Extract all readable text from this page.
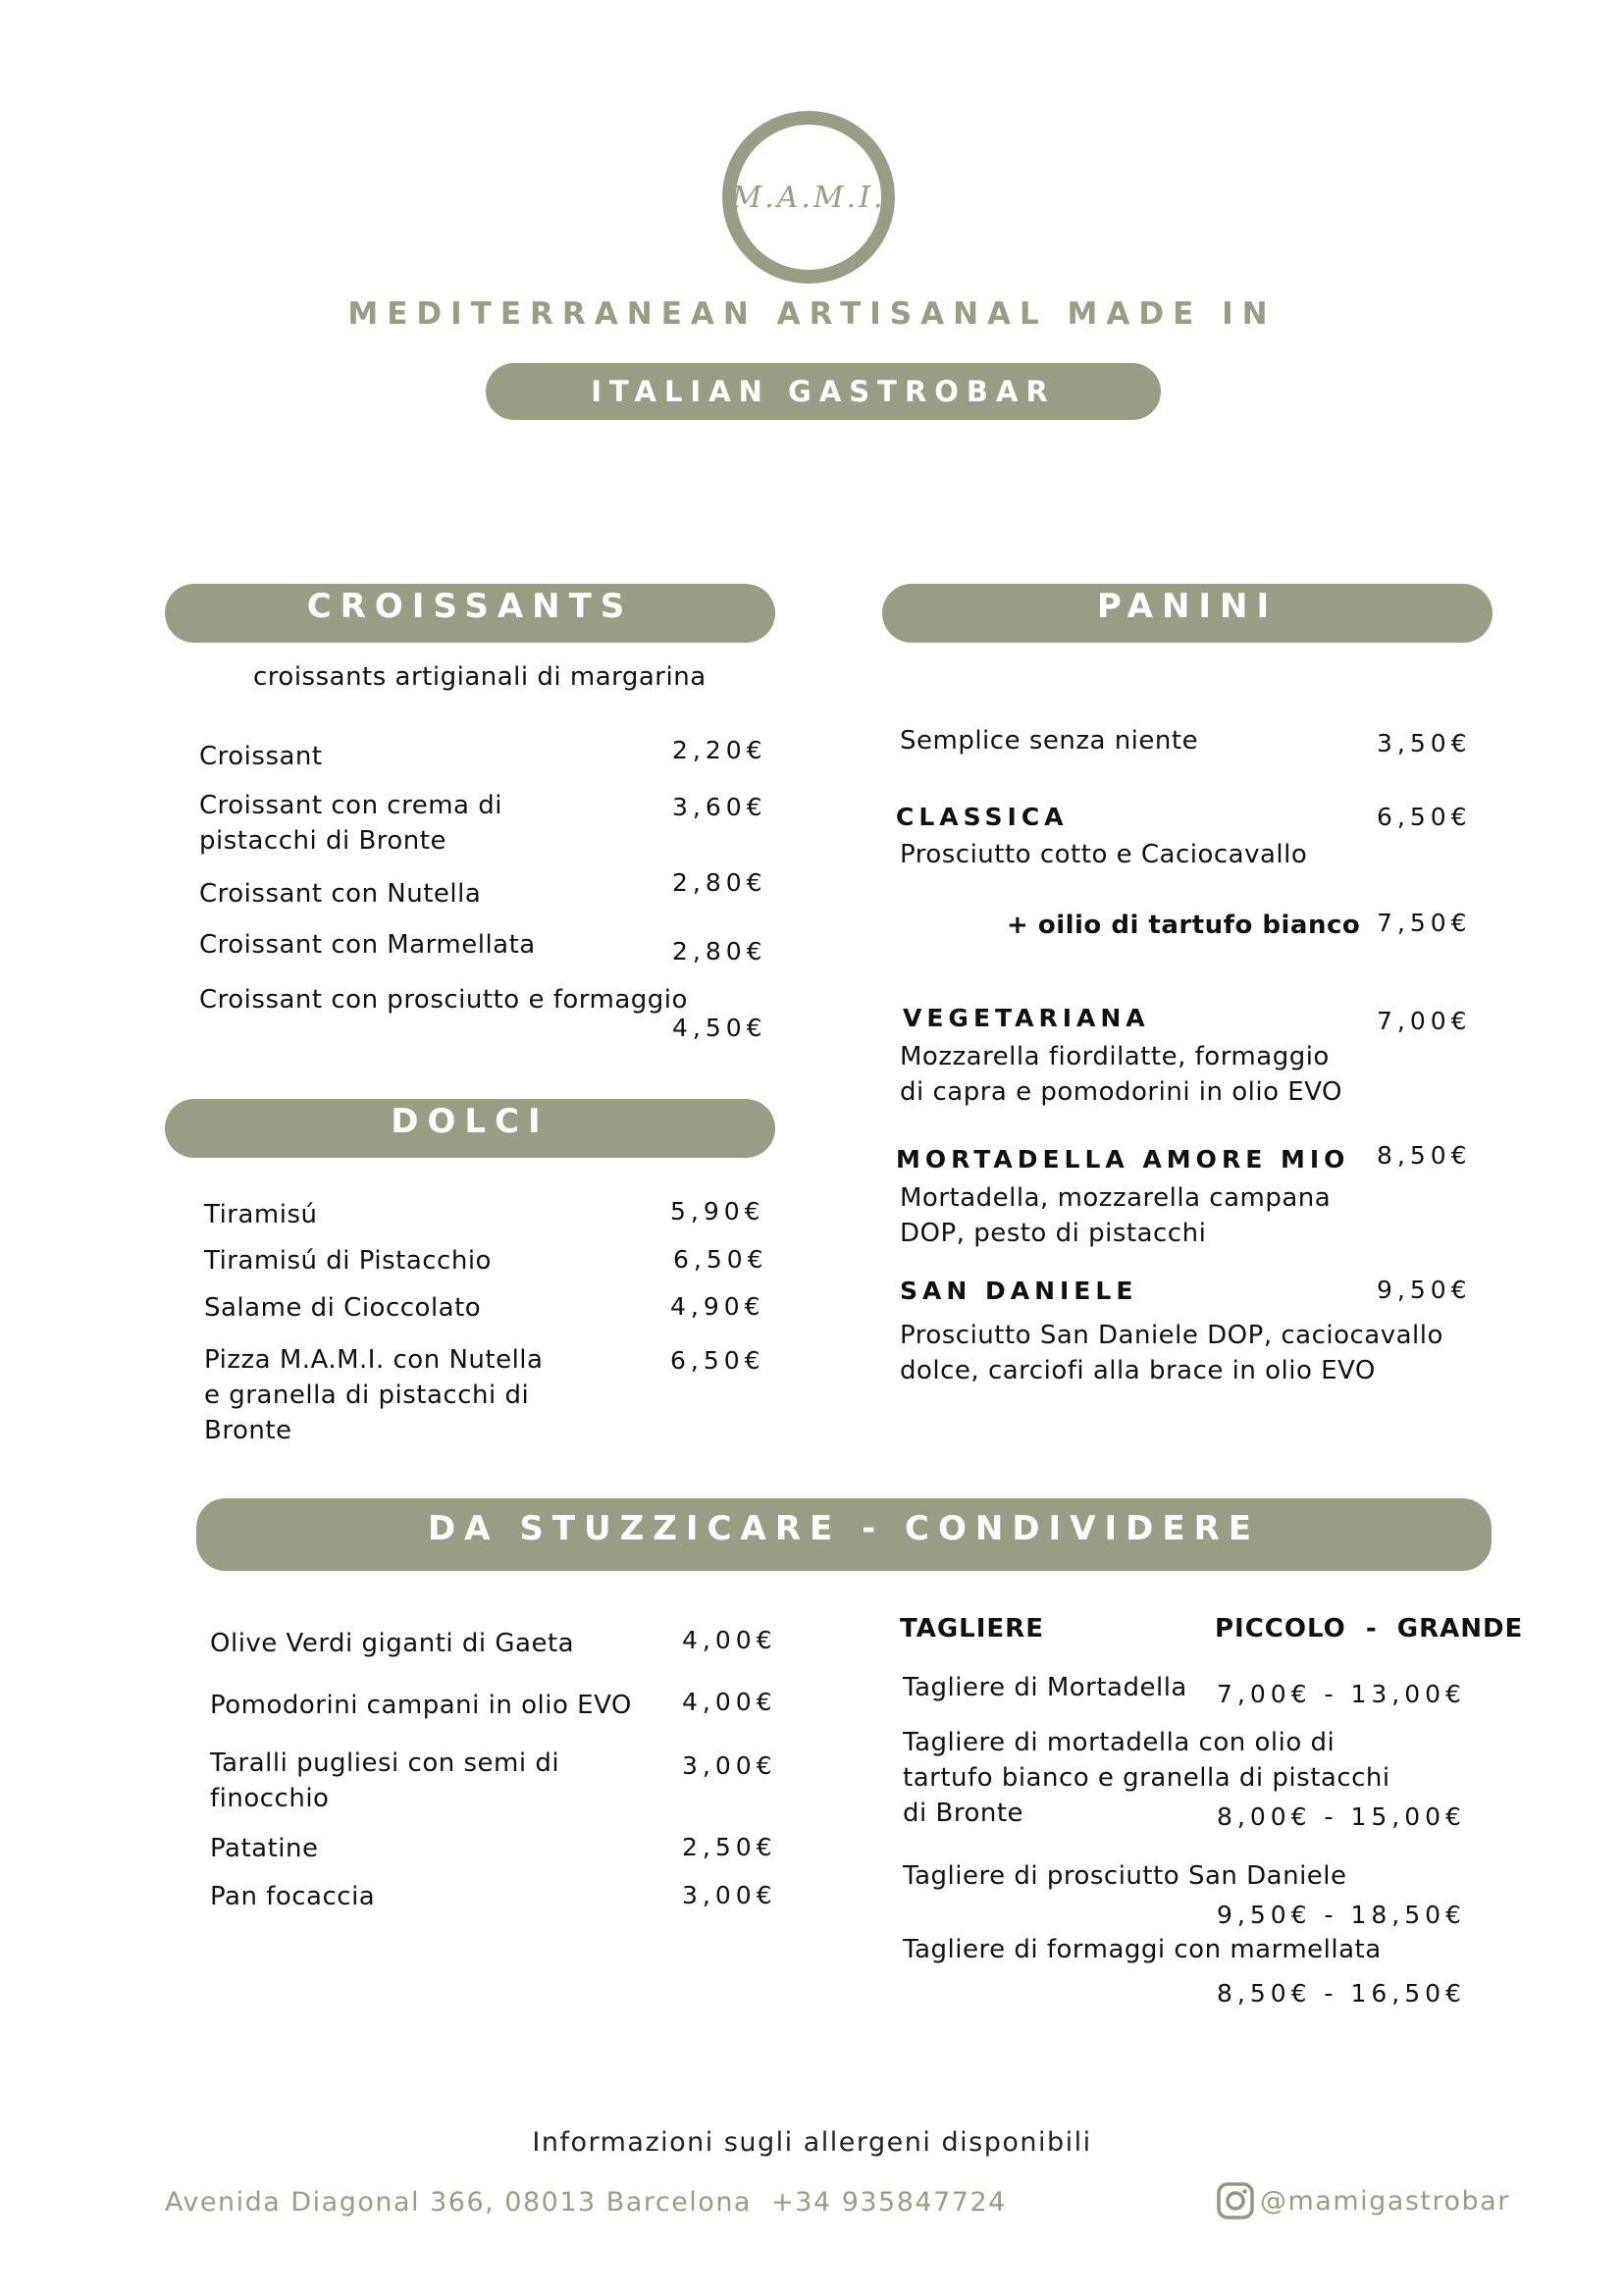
M.A.M.I.
MEDITERRANEAN ARTISANAL MADE IN
ITALIAN GASTROBAR
CROISSANTS
croissants artigianali di margarina
Croissant	2,20€
Croissant con crema di pistacchi di Bronte
3,60€
Croissant con Nutella	2,80€
Croissant con Marmellata	2,80€
Croissant con prosciutto e formaggio
4,50€
DOLCI
Tiramisú	5,90€
Tiramisú di Pistacchio	6,50€
Salame di Cioccolato	4,90€
Pizza M.A.M.I. con Nutella e granella di pistacchi di Bronte
6,50€
PANINI
Semplice senza niente	3,50€
CLASSICA
Prosciutto cotto e Caciocavallo
6,50€
+ oilio di tartufo bianco 7,50€
VEGETARIANA
Mozzarella fiordilatte, formaggio di capra e pomodorini in olio EVO
7,00€
MORTADELLA AMORE MIO
Mortadella, mozzarella campana DOP, pesto di pistacchi
8,50€
SAN DANIELE
Prosciutto San Daniele DOP, caciocavallo dolce, carciofi alla brace in olio EVO
9,50€
DA STUZZICARE - CONDIVIDERE
Olive Verdi giganti di Gaeta	4,00€
Pomodorini campani in olio EVO 4,00€
Taralli pugliesi con semi di finocchio
3,00€
Patatine	2,50€
Pan focaccia	3,00€
TAGLIERE	PICCOLO  -  GRANDE
Tagliere di Mortadella 7,00€ - 13,00€
Tagliere di mortadella con olio di tartufo bianco e granella di pistacchi di Bronte	8,00€ - 15,00€
Tagliere di prosciutto San Daniele
9,50€ - 18,50€
Tagliere di formaggi con marmellata
8,50€ - 16,50€
Informazioni sugli allergeni disponibili
Avenida Diagonal 366, 08013 Barcelona  +34 935847724	@mamigastrobar
